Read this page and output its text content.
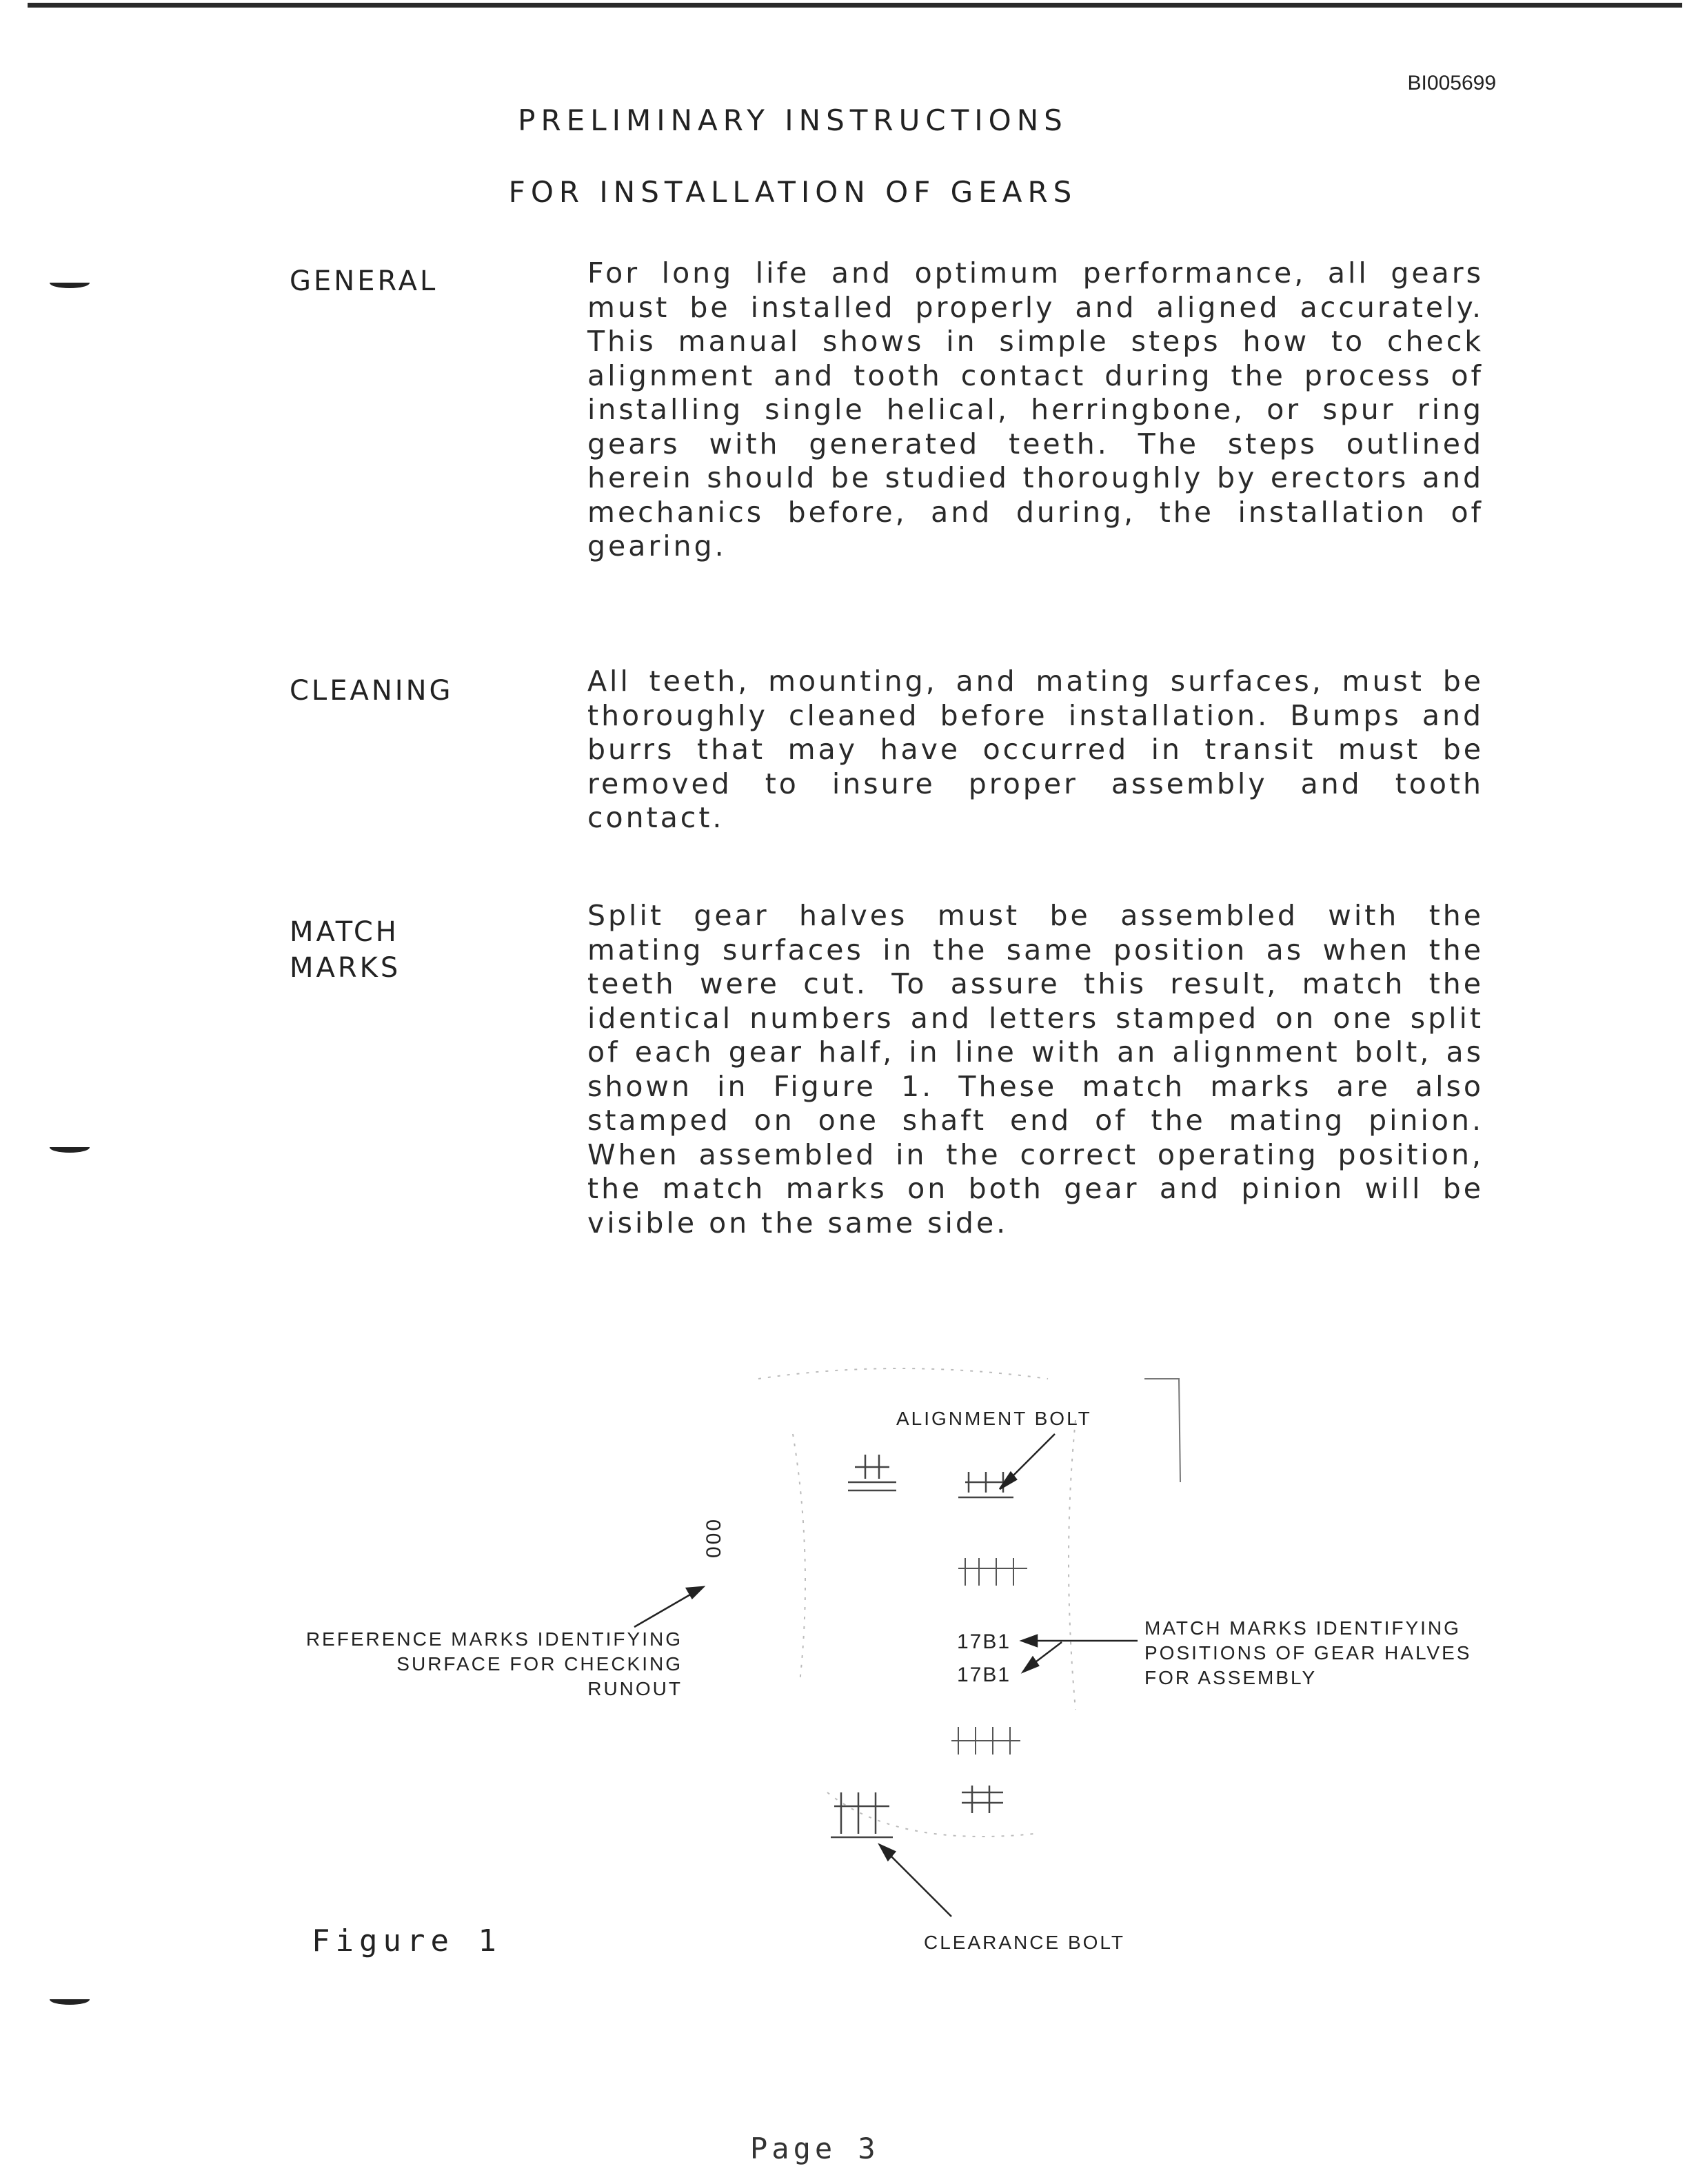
BI005699
PRELIMINARY INSTRUCTIONS
FOR INSTALLATION OF GEARS
GENERAL	For long life and optimum performance, all gears must be installed properly and aligned accurately. This manual shows in simple steps how to check alignment and tooth contact during the process of installing single helical, herringbone, or spur ring gears with generated teeth. The steps outlined herein should be studied thoroughly by erectors and mechanics before, and during, the installation of gearing.

CLEANING	All teeth, mounting, and mating surfaces, must be thoroughly cleaned before installation. Bumps and burrs that may have occurred in transit must be removed to insure proper assembly and tooth contact.

MATCH
MARKS

Split gear halves must be assembled with the mating surfaces in the same position as when the teeth were cut. To assure this result, match the identical numbers and letters stamped on one split of each gear half, in line with an alignment bolt, as shown in Figure 1. These match marks are also stamped on one shaft end of the mating pinion. When assembled in the correct operating position, the match marks on both gear and pinion will be visible on the same side.

ALIGNMENT BOLT
REFERENCE MARKS IDENTIFYING
SURFACE FOR CHECKING RUNOUT
MATCH MARKS IDENTIFYING
POSITIONS OF GEAR HALVES
FOR ASSEMBLY
CLEARANCE BOLT
17B1
17B1
000
Figure 1
Page 3
